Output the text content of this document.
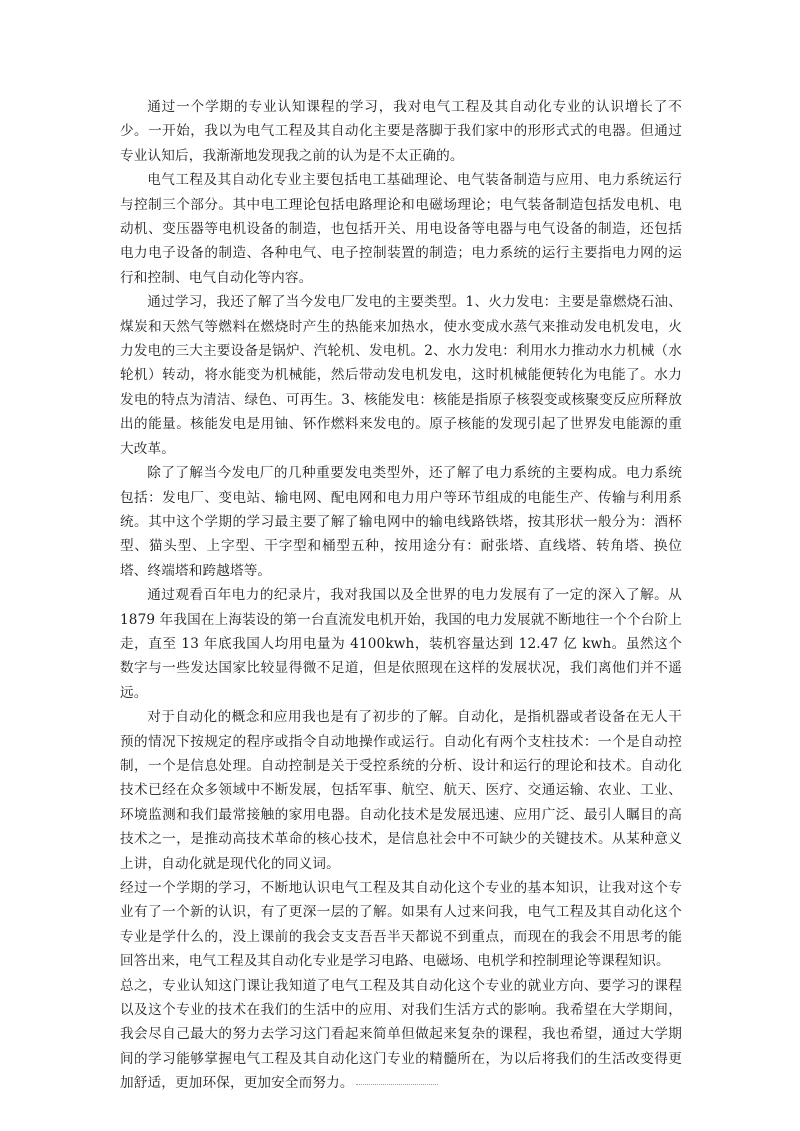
通过一个学期的专业认知课程的学习，我对电气工程及其自动化专业的认识增长了不少。一开始，我以为电气工程及其自动化主要是落脚于我们家中的形形式式的电器。但通过专业认知后，我渐渐地发现我之前的认为是不太正确的。

电气工程及其自动化专业主要包括电工基础理论、电气装备制造与应用、电力系统运行与控制三个部分。其中电工理论包括电路理论和电磁场理论；电气装备制造包括发电机、电动机、变压器等电机设备的制造，也包括开关、用电设备等电器与电气设备的制造，还包括电力电子设备的制造、各种电气、电子控制装置的制造；电力系统的运行主要指电力网的运行和控制、电气自动化等内容。

通过学习，我还了解了当今发电厂发电的主要类型。1、火力发电：主要是靠燃烧石油、煤炭和天然气等燃料在燃烧时产生的热能来加热水，使水变成水蒸气来推动发电机发电，火力发电的三大主要设备是锅炉、汽轮机、发电机。2、水力发电：利用水力推动水力机械（水轮机）转动，将水能变为机械能，然后带动发电机发电，这时机械能便转化为电能了。水力发电的特点为清洁、绿色、可再生。3、核能发电：核能是指原子核裂变或核聚变反应所释放出的能量。核能发电是用铀、钚作燃料来发电的。原子核能的发现引起了世界发电能源的重大改革。

除了了解当今发电厂的几种重要发电类型外，还了解了电力系统的主要构成。电力系统包括：发电厂、变电站、输电网、配电网和电力用户等环节组成的电能生产、传输与利用系统。其中这个学期的学习最主要了解了输电网中的输电线路铁塔，按其形状一般分为：酒杯型、猫头型、上字型、干字型和桶型五种，按用途分有：耐张塔、直线塔、转角塔、换位塔、终端塔和跨越塔等。

通过观看百年电力的纪录片，我对我国以及全世界的电力发展有了一定的深入了解。从 1879 年我国在上海装设的第一台直流发电机开始，我国的电力发展就不断地往一个个台阶上走，直至 13 年底我国人均用电量为 4100kwh，装机容量达到 12.47 亿 kwh。虽然这个数字与一些发达国家比较显得微不足道，但是依照现在这样的发展状况，我们离他们并不遥远。

对于自动化的概念和应用我也是有了初步的了解。自动化，是指机器或者设备在无人干预的情况下按规定的程序或指令自动地操作或运行。自动化有两个支柱技术：一个是自动控制，一个是信息处理。自动控制是关于受控系统的分析、设计和运行的理论和技术。自动化技术已经在众多领域中不断发展，包括军事、航空、航天、医疗、交通运输、农业、工业、环境监测和我们最常接触的家用电器。自动化技术是发展迅速、应用广泛、最引人瞩目的高技术之一，是推动高技术革命的核心技术，是信息社会中不可缺少的关键技术。从某种意义上讲，自动化就是现代化的同义词。

经过一个学期的学习，不断地认识电气工程及其自动化这个专业的基本知识，让我对这个专业有了一个新的认识，有了更深一层的了解。如果有人过来问我，电气工程及其自动化这个专业是学什么的，没上课前的我会支支吾吾半天都说不到重点，而现在的我会不用思考的能回答出来，电气工程及其自动化专业是学习电路、电磁场、电机学和控制理论等课程知识。

总之，专业认知这门课让我知道了电气工程及其自动化这个专业的就业方向、要学习的课程以及这个专业的技术在我们的生活中的应用、对我们生活方式的影响。我希望在大学期间，我会尽自己最大的努力去学习这门看起来简单但做起来复杂的课程，我也希望，通过大学期间的学习能够掌握电气工程及其自动化这门专业的精髓所在，为以后将我们的生活改变得更加舒适，更加环保，更加安全而努力。
